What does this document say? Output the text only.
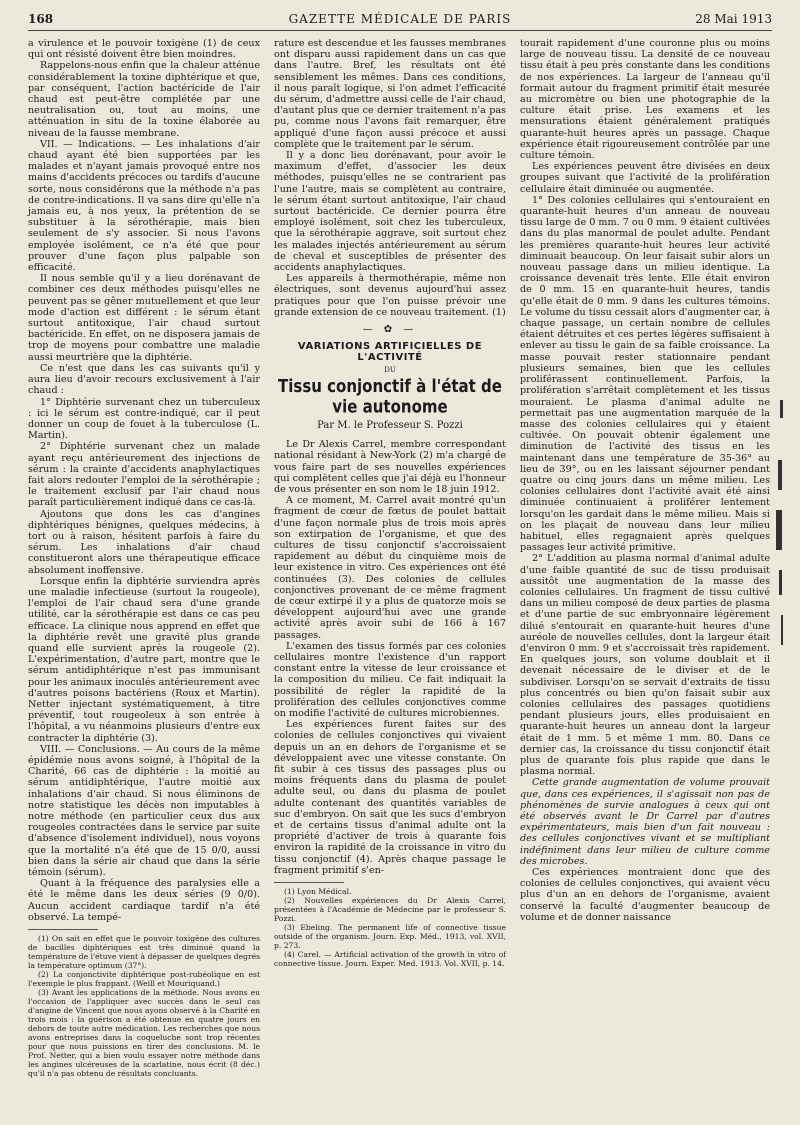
168	GAZETTE MÉDICALE DE PARIS	28 Mai 1913

a virulence et le pouvoir toxigène (1) de ceux qui ont résisté doivent être bien moindres.

Rappelons-nous enfin que la chaleur atténue considérablement la toxine diphtérique et que, par conséquent, l'action bactéricide de l'air chaud est peut-être complétée par une neutralisation ou, tout au moins, une atténuation in situ de la toxine élaborée au niveau de la fausse membrane.

VII. — Indications. — Les inhalations d'air chaud ayant été bien supportées par les malades et n'ayant jamais provoqué entre nos mains d'accidents précoces ou tardifs d'aucune sorte, nous considérons que la méthode n'a pas de contre-indications. Il va sans dire qu'elle n'a jamais eu, à nos yeux, la prétention de se substituer à la sérothérapie, mais bien seulement de s'y associer. Si nous l'avons employée isolément, ce n'a été que pour prouver d'une façon plus palpable son efficacité.

Il nous semble qu'il y a lieu dorénavant de combiner ces deux méthodes puisqu'elles ne peuvent pas se gêner mutuellement et que leur mode d'action est différent : le sérum étant surtout antitoxique, l'air chaud surtout bactéricide. En effet, on ne disposera jamais de trop de moyens pour combattre une maladie aussi meurtrière que la diphtérie.

Ce n'est que dans les cas suivants qu'il y aura lieu d'avoir recours exclusivement à l'air chaud :

1° Diphtérie survenant chez un tuberculeux : ici le sérum est contre-indiqué, car il peut donner un coup de fouet à la tuberculose (L. Martin).

2° Diphtérie survenant chez un malade ayant reçu antérieurement des injections de sérum : la crainte d'accidents anaphylactiques fait alors redouter l'emploi de la sérothérapie ; le traitement exclusif par l'air chaud nous paraît particulièrement indiqué dans ce cas-là.

Ajoutons que dons les cas d'angines diphtériques bénignes, quelques médecins, à tort ou à raison, hésitent parfois à faire du sérum. Les inhalations d'air chaud constitueront alors une thérapeutique efficace absolument inoffensive.

Lorsque enfin la diphtérie surviendra après une maladie infectieuse (surtout la rougeole), l'emploi de l'air chaud sera d'une grande utilité, car la sérothérapie est dans ce cas peu efficace. La clinique nous apprend en effet que la diphtérie revêt une gravité plus grande quand elle survient après la rougeole (2). L'expérimentation, d'autre part, montre que le sérum antidiphtérique n'est pas immunisant pour les animaux inoculés antérieurement avec d'autres poisons bactériens (Roux et Martin). Netter injectant systématiquement, à titre préventif, tout rougeoleux à son entrée à l'hôpital, a vu néanmoins plusieurs d'entre eux contracter la diphtérie (3).

VIII. — Conclusions. — Au cours de la même épidémie nous avons soigné, à l'hôpital de la Charité, 66 cas de diphtérie : la moitié au sérum antidiphtérique, l'autre moitié aux inhalations d'air chaud. Si nous éliminons de notre statistique les décès non imputables à notre méthode (en particulier ceux dus aux rougeoles contractées dans le service par suite d'absence d'isolement individuel), nous voyons que la mortalité n'a été que de 15 0/0, aussi bien dans la série air chaud que dans la série témoin (sérum).

Quant à la fréquence des paralysies elle a été le même dans les deux séries (9 0/0). Aucun accident cardiaque tardif n'a été observé. La tempé-

(1) On sait en effet que le pouvoir toxigène des cultures de bacilles diphtériques est très diminué quand la température de l'étuve vient à dépasser de quelques degrés la température optimum (37°).

(2) La conjonctivite diphtérique post-rubéolique en est l'exemple le plus frappant. (Weill et Mouriquand.)

(3) Avant les applications de la méthode. Nous avons eu l'occasion de l'appliquer avec succès dans le seul cas d'angine de Vincent que nous ayons observé à la Charité en trois mois : la guérison a été obtenue en quatre jours en dehors de toute autre médication. Les recherches que nous avons entreprises dans la coqueluche sont trop récentes pour que nous puissions en tirer des conclusions. M. le Prof. Netter, qui a bien voulu essayer notre méthode dans les angines ulcéreuses de la scarlatine, nous écrit (8 déc.) qu'il n'a pas obtenu de résultats concluants.

rature est descendue et les fausses membranes ont disparu aussi rapidement dans un cas que dans l'autre. Bref, les résultats ont été sensiblement les mêmes. Dans ces conditions, il nous paraît logique, si l'on admet l'efficacité du sérum, d'admettre aussi celle de l'air chaud, d'autant plus que ce dernier traitement n'a pas pu, comme nous l'avons fait remarquer, être appliqué d'une façon aussi précoce et aussi complète que le traitement par le sérum.

Il y a donc lieu dorénavant, pour avoir le maximum d'effet, d'associer les deux méthodes, puisqu'elles ne se contrarient pas l'une l'autre, mais se complètent au contraire, le sérum étant surtout antitoxique, l'air chaud surtout bactéricide. Ce dernier pourra être employé isolément, soit chez les tuberculeux, que la sérothérapie aggrave, soit surtout chez les malades injectés antérieurement au sérum de cheval et susceptibles de présenter des accidents anaphylactiques.

Les appareils à thermothérapie, même non électriques, sont devenus aujourd'hui assez pratiques pour que l'on puisse prévoir une grande extension de ce nouveau traitement. (1)

— ✿ —
VARIATIONS ARTIFICIELLES DE L'ACTIVITÉ
DU
Tissu conjonctif à l'état de vie autonome
Par M. le Professeur S. Pozzi

Le Dr Alexis Carrel, membre correspondant national résidant à New-York (2) m'a chargé de vous faire part de ses nouvelles expériences qui complètent celles que j'ai déjà eu l'honneur de vous présenter en son nom le 18 juin 1912.

A ce moment, M. Carrel avait montré qu'un fragment de cœur de fœtus de poulet battait d'une façon normale plus de trois mois après son extirpation de l'organisme, et que des cultures de tissu conjonctif s'accroissaient rapidement au début du cinquième mois de leur existence in vitro. Ces expériences ont été continuées (3). Des colonies de cellules conjonctives provenant de ce même fragment de cœur extirpé il y a plus de quatorze mois se développent aujourd'hui avec une grande activité après avoir subi de 166 à 167 passages.

L'examen des tissus formés par ces colonies cellulaires montre l'existence d'un rapport constant entre la vitesse de leur croissance et la composition du milieu. Ce fait indiquait la possibilité de régler la rapidité de la prolifération des cellules conjonctives comme on modifie l'activité de cultures microbiennes.

Les expériences furent faites sur des colonies de cellules conjonctives qui vivaient depuis un an en dehors de l'organisme et se développaient avec une vitesse constante. On fit subir à ces tissus des passages plus ou moins fréquents dans du plasma de poulet adulte seul, ou dans du plasma de poulet adulte contenant des quantités variables de suc d'embryon. On sait que les sucs d'embryon et de certains tissus d'animal adulte ont la propriété d'activer de trois à quarante fois environ la rapidité de la croissance in vitro du tissu conjonctif (4). Après chaque passage le fragment primitif s'en-

(1) Lyon Médical.

(2) Nouvelles expériences du Dr Alexis Carrel, présentées à l'Académie de Médecine par le professeur S. Pozzi.

(3) Ebeling. The permanent life of connective tissue outside of the organism. Journ. Exp. Méd., 1913, vol. XVII, p. 273.

(4) Carel. — Artificial activation of the growth in vitro of connective tissue. Journ. Exper. Med. 1913. Vol. XVII, p. 14.

tourait rapidement d'une couronne plus ou moins large de nouveau tissu. La densité de ce nouveau tissu était à peu près constante dans les conditions de nos expériences. La largeur de l'anneau qu'il formait autour du fragment primitif était mesurée au micromètre ou bien une photographie de la culture était prise. Les examens et les mensurations étaient généralement pratiqués quarante-huit heures après un passage. Chaque expérience était rigoureusement contrôlée par une culture témoin.

Les expériences peuvent être divisées en deux groupes suivant que l'activité de la prolifération cellulaire était diminuée ou augmentée.

1° Des colonies cellulaires qui s'entouraient en quarante-huit heures d'un anneau de nouveau tissu large de 0 mm. 7 ou 0 mm. 9 étaient cultivées dans du plas manormal de poulet adulte. Pendant les premières quarante-huit heures leur activité diminuait beaucoup. On leur faisait subir alors un nouveau passage dans un milieu identique. La croissance devenait très lente. Elle était environ de 0 mm. 15 en quarante-huit heures, tandis qu'elle était de 0 mm. 9 dans les cultures témoins. Le volume du tissu cessait alors d'augmenter car, à chaque passage, un certain nombre de cellules étaient détruites et ces pertes légères suffisaient à enlever au tissu le gain de sa faible croissance. La masse pouvait rester stationnaire pendant plusieurs semaines, bien que les cellules proliférassent continuellement. Parfois, la prolifération s'arrêtait complètement et les tissus mouraient. Le plasma d'animal adulte ne permettait pas une augmentation marquée de la masse des colonies cellulaires qui y étaient cultivée. On pouvait obtenir également une diminution de l'activité des tissus en les maintenant dans une température de 35-36° au lieu de 39°, ou en les laissant séjourner pendant quatre ou cinq jours dans un même milieu. Les colonies cellulaires dont l'activité avait été ainsi diminuée continuaient à proliférer lentement lorsqu'on les gardait dans le même milieu. Mais si on les plaçait de nouveau dans leur milieu habituel, elles regagnaient après quelques passages leur activité primitive.

2° L'addition au plasma normal d'animal adulte d'une faible quantité de suc de tissu produisait aussitôt une augmentation de la masse des colonies cellulaires. Un fragment de tissu cultivé dans un milieu composé de deux parties de plasma et d'une partie de suc embryonnaire légèrement dilué s'entourait en quarante-huit heures d'une auréole de nouvelles cellules, dont la largeur était d'environ 0 mm. 9 et s'accroissait très rapidement. En quelques jours, son volume doublait et il devenait nécessaire de le diviser et de le subdiviser. Lorsqu'on se servait d'extraits de tissu plus concentrés ou bien qu'on faisait subir aux colonies cellulaires des passages quotidiens pendant plusieurs jours, elles produisaient en quarante-huit heures un anneau dont la largeur était de 1 mm. 5 et même 1 mm. 80. Dans ce dernier cas, la croissance du tissu conjonctif était plus de quarante fois plus rapide que dans le plasma normal.

Cette grande augmentation de volume prouvait que, dans ces expériences, il s'agissait non pas de phénomènes de survie analogues à ceux qui ont été observés avant le Dr Carrel par d'autres expérimentateurs, mais bien d'un fait nouveau : des cellules conjonctives vivant et se multipliant indéfiniment dans leur milieu de culture comme des microbes.

Ces expériences montraient donc que des colonies de cellules conjonctives, qui avaient vécu plus d'un an en dehors de l'organisme, avaient conservé la faculté d'augmenter beaucoup de volume et de donner naissance
